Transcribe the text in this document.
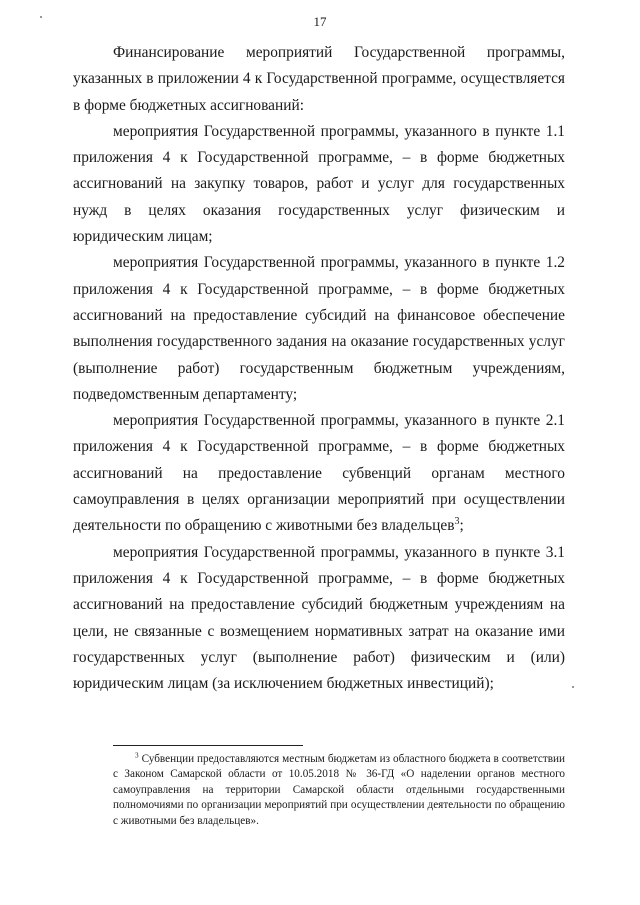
17

Финансирование мероприятий Государственной программы, указанных в приложении 4 к Государственной программе, осуществляется в форме бюджетных ассигнований:

мероприятия Государственной программы, указанного в пункте 1.1 приложения 4 к Государственной программе, – в форме бюджетных ассигнований на закупку товаров, работ и услуг для государственных нужд в целях оказания государственных услуг физическим и юридическим лицам;

мероприятия Государственной программы, указанного в пункте 1.2 приложения 4 к Государственной программе, – в форме бюджетных ассигнований на предоставление субсидий на финансовое обеспечение выполнения государственного задания на оказание государственных услуг (выполнение работ) государственным бюджетным учреждениям, подведомственным департаменту;

мероприятия Государственной программы, указанного в пункте 2.1 приложения 4 к Государственной программе, – в форме бюджетных ассигнований на предоставление субвенций органам местного самоуправления в целях организации мероприятий при осуществлении деятельности по обращению с животными без владельцев$^3$;

мероприятия Государственной программы, указанного в пункте 3.1 приложения 4 к Государственной программе, – в форме бюджетных ассигнований на предоставление субсидий бюджетным учреждениям на цели, не связанные с возмещением нормативных затрат на оказание ими государственных услуг (выполнение работ) физическим и (или) юридическим лицам (за исключением бюджетных инвестиций);

$^3$ Субвенции предоставляются местным бюджетам из областного бюджета в соответствии с Законом Самарской области от 10.05.2018 № 36-ГД «О наделении органов местного самоуправления на территории Самарской области отдельными государственными полномочиями по организации мероприятий при осуществлении деятельности по обращению с животными без владельцев».
